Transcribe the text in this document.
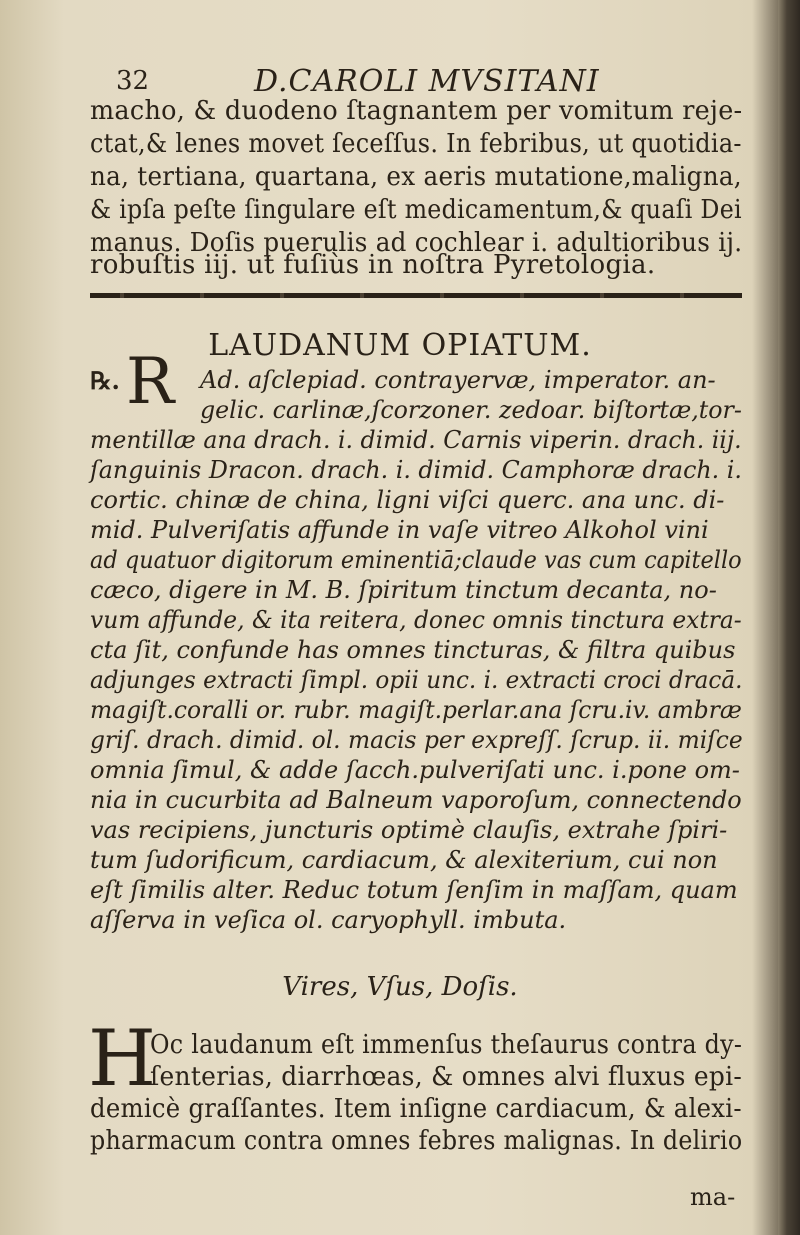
32	D.CAROLI MVSITANI
macho, & duodeno ſtagnantem per vomitum reje-
ctat,& lenes movet ſeceſſus. In febribus, ut quotidia-
na, tertiana, quartana, ex aeris mutatione,maligna,
& ipſa peſte ſingulare eſt medicamentum,& quaſi Dei
manus. Doſis puerulis ad cochlear i. adultioribus ij.
robuſtis iij. ut fuſiùs in noſtra Pyretologia.
LAUDANUM OPIATUM.
℞. R Ad. aſclepiad. contrayervæ, imperator. an-
gelic. carlinæ,ſcorzoner. zedoar. biſtortæ,tor-
mentillæ ana drach. i. dimid. Carnis viperin. drach. iij.
ſanguinis Dracon. drach. i. dimid. Camphoræ drach. i.
cortic. chinæ de china, ligni viſci querc. ana unc. di-
mid. Pulveriſatis affunde in vaſe vitreo Alkohol vini
ad quatuor digitorum eminentiā;claude vas cum capitello
cæco, digere in M. B. ſpiritum tinctum decanta, no-
vum affunde, & ita reitera, donec omnis tinctura extra-
cta ſit, confunde has omnes tincturas, & filtra quibus
adjunges extracti ſimpl. opii unc. i. extracti croci dracā.
magiſt.coralli or. rubr. magiſt.perlar.ana ſcru.iv. ambræ
griſ. drach. dimid. ol. macis per expreſſ. ſcrup. ii. miſce
omnia ſimul, & adde ſacch.pulveriſati unc. i.pone om-
nia in cucurbita ad Balneum vaporoſum, connectendo
vas recipiens, juncturis optimè clauſis, extrahe ſpiri-
tum ſudorificum, cardiacum, & alexiterium, cui non
eſt ſimilis alter. Reduc totum ſenſim in maſſam, quam
aſſerva in veſica ol. caryophyll. imbuta.
Vires, Vſus, Doſis.
H
Oc laudanum eſt immenſus theſaurus contra dy-
ſenterias, diarrhœas, & omnes alvi fluxus epi-
demicè graſſantes. Item inſigne cardiacum, & alexi-
pharmacum contra omnes febres malignas. In delirio
ma-
